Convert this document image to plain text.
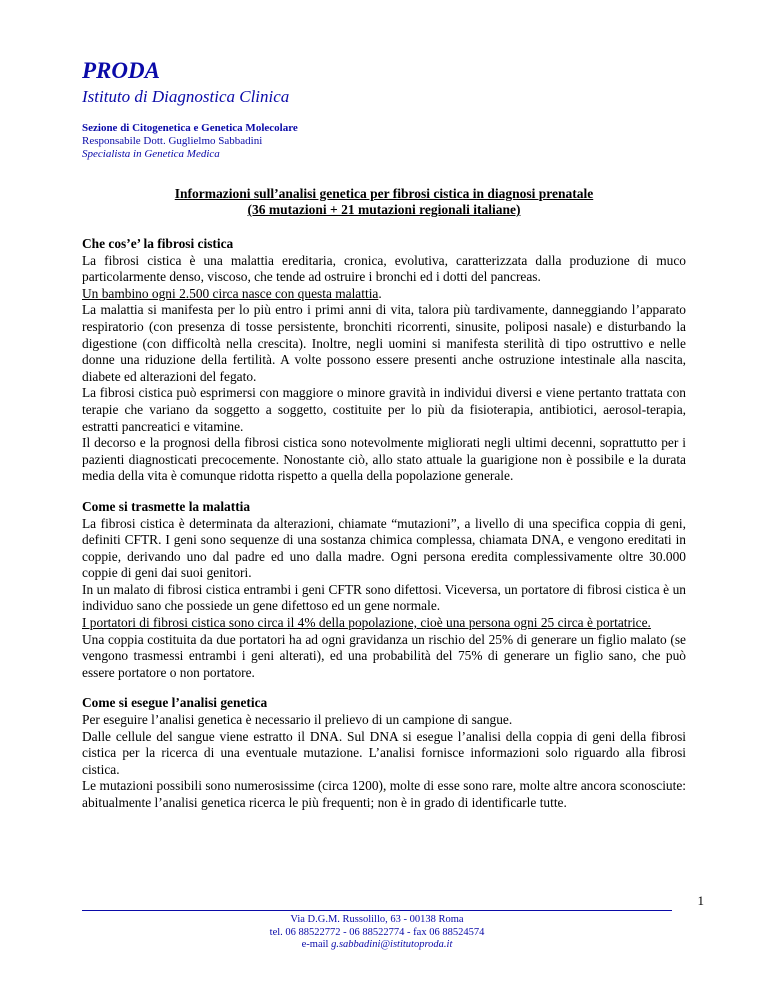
PRODA
Istituto di Diagnostica Clinica
Sezione di Citogenetica e Genetica Molecolare
Responsabile Dott. Guglielmo Sabbadini
Specialista in Genetica Medica
Informazioni sull’analisi genetica per fibrosi cistica in diagnosi prenatale
(36 mutazioni + 21 mutazioni regionali italiane)
Che cos’e’ la fibrosi cistica

La fibrosi cistica è una malattia ereditaria, cronica, evolutiva, caratterizzata dalla produzione di muco particolarmente denso, viscoso, che tende ad ostruire i bronchi ed i dotti del pancreas.

Un bambino ogni 2.500 circa nasce con questa malattia.

La malattia si manifesta per lo più entro i primi anni di vita, talora più tardivamente, danneggiando l’apparato respiratorio (con presenza di tosse persistente, bronchiti ricorrenti, sinusite, poliposi nasale) e disturbando la digestione (con difficoltà nella crescita). Inoltre, negli uomini si manifesta sterilità di tipo ostruttivo e nelle donne una riduzione della fertilità. A volte possono essere presenti anche ostruzione intestinale alla nascita, diabete ed alterazioni del fegato.

La fibrosi cistica può esprimersi con maggiore o minore gravità in individui diversi e viene pertanto trattata con terapie che variano da soggetto a soggetto, costituite per lo più da fisioterapia, antibiotici, aerosol-terapia, estratti pancreatici e vitamine.

Il decorso e la prognosi della fibrosi cistica sono notevolmente migliorati negli ultimi decenni, soprattutto per i pazienti diagnosticati precocemente. Nonostante ciò, allo stato attuale la guarigione non è possibile e la durata media della vita è comunque ridotta rispetto a quella della popolazione generale.

Come si trasmette la malattia

La fibrosi cistica è determinata da alterazioni, chiamate “mutazioni”, a livello di una specifica coppia di geni, definiti CFTR. I geni sono sequenze di una sostanza chimica complessa, chiamata DNA, e vengono ereditati in coppie, derivando uno dal padre ed uno dalla madre. Ogni persona eredita complessivamente oltre 30.000 coppie di geni dai suoi genitori.

In un malato di fibrosi cistica entrambi i geni CFTR sono difettosi. Viceversa, un portatore di fibrosi cistica è un individuo sano che possiede un gene difettoso ed un gene normale.

I portatori di fibrosi cistica sono circa il 4% della popolazione, cioè una persona ogni 25 circa è portatrice.

Una coppia costituita da due portatori ha ad ogni gravidanza un rischio del 25% di generare un figlio malato (se vengono trasmessi entrambi i geni alterati), ed una probabilità del 75% di generare un figlio sano, che può essere portatore o non portatore.

Come si esegue l’analisi genetica

Per eseguire l’analisi genetica è necessario il prelievo di un campione di sangue.

Dalle cellule del sangue viene estratto il DNA. Sul DNA si esegue l’analisi della coppia di geni della fibrosi cistica per la ricerca di una eventuale mutazione. L’analisi fornisce informazioni solo riguardo alla fibrosi cistica.

Le mutazioni possibili sono numerosissime (circa 1200), molte di esse sono rare, molte altre ancora sconosciute: abitualmente l’analisi genetica ricerca le più frequenti; non è in grado di identificarle tutte.

1
Via D.G.M. Russolillo, 63 - 00138 Roma
tel. 06 88522772 - 06 88522774 - fax 06 88524574
e-mail g.sabbadini@istitutoproda.it
